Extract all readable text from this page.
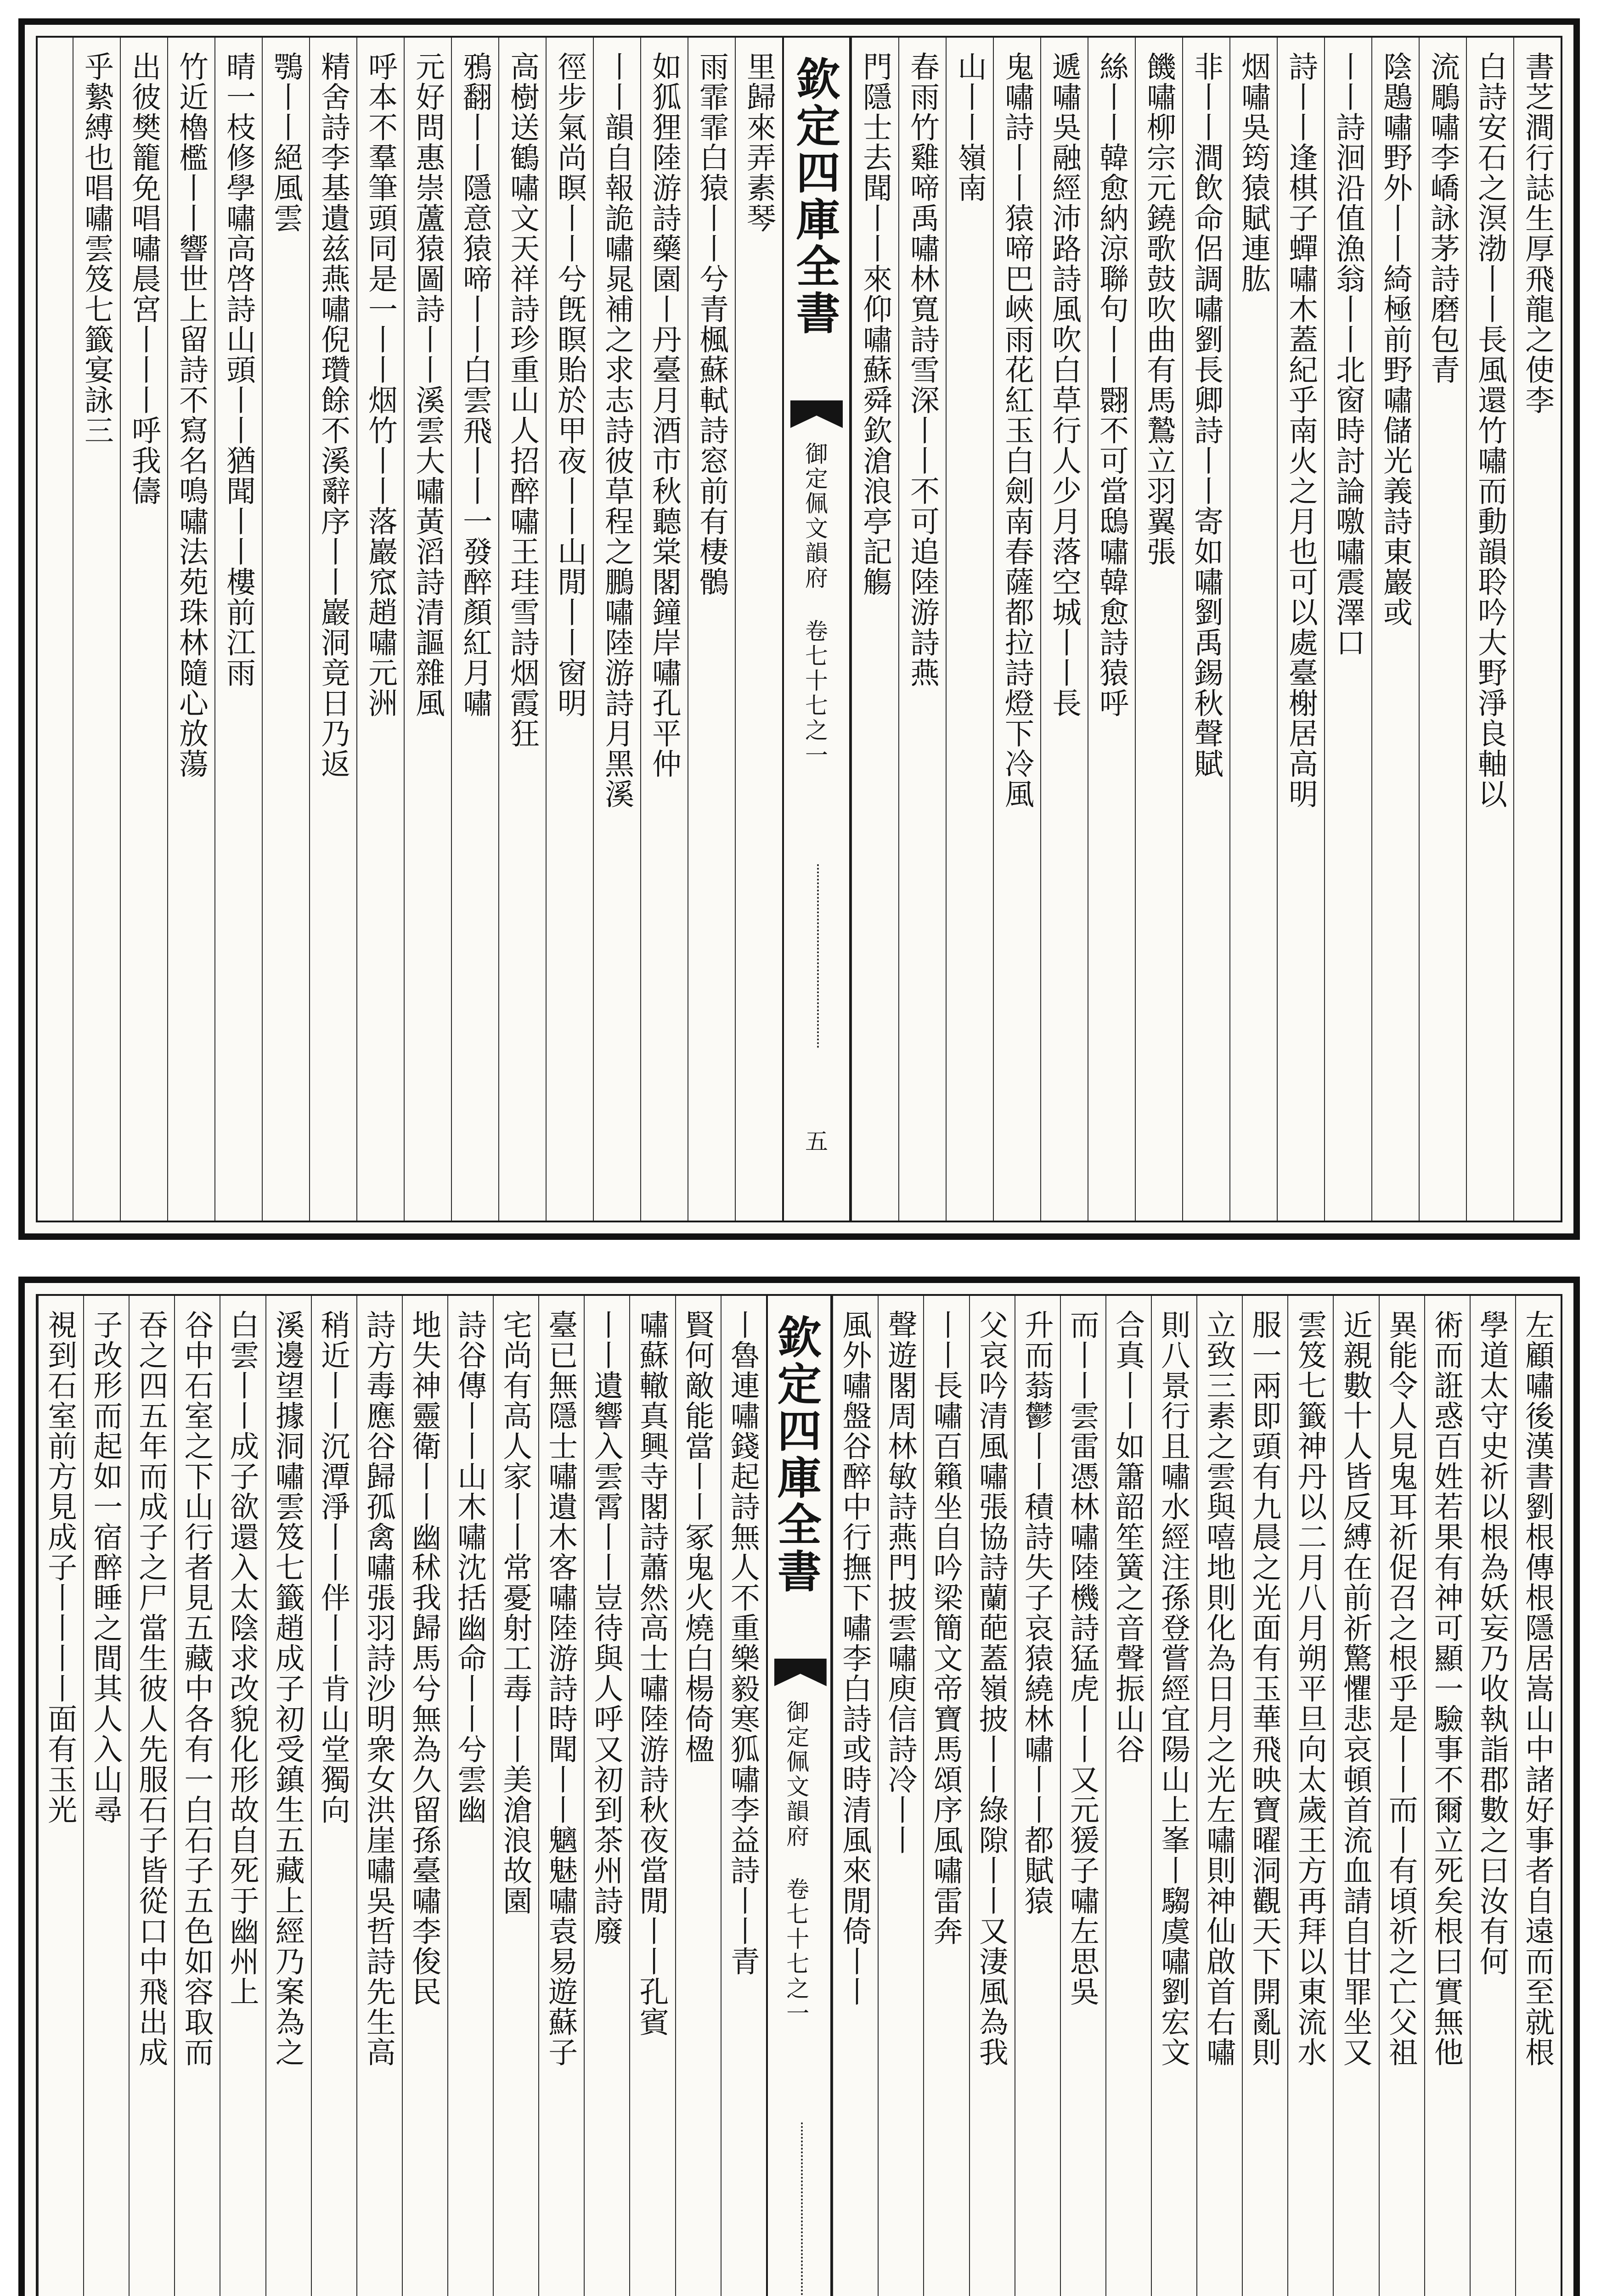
書芝澗行誌生厚飛龍之使李
白詩安石之溟渤丨丨長風還竹嘯而動韻聆吟大野淨良軸以
流鵰嘯李嶠詠茅詩磨包青
陰鶗嘯野外丨丨綺極前野嘯儲光義詩東巖或
丨丨詩洄沿值漁翁丨丨北窗時討論噭嘯震澤口
詩丨丨逢棋子蟬嘯木蓋紀乎南火之月也可以處臺榭居高明
烟嘯吳筠猿賦連肱
非丨丨澗飲命侶調嘯劉長卿詩丨丨寄如嘯劉禹錫秋聲賦
饑嘯柳宗元鐃歌鼓吹曲有馬鷙立羽翼張
絲丨丨韓愈納涼聯句丨丨翾不可當鴟嘯韓愈詩猿呼
遞嘯吳融經沛路詩風吹白草行人少月落空城丨丨長
鬼嘯詩丨丨猿啼巴峽雨花紅玉白劍南春薩都拉詩燈下冷風
山丨丨嶺南
春雨竹雞啼禹嘯林寬詩雪深丨丨不可追陸游詩燕
門隱士去聞丨丨來仰嘯蘇舜欽滄浪亭記觴
欽定四庫全書
御定佩文韻府 卷七十七之一
五
里歸來弄素琴
雨霏霏白猿丨丨兮青楓蘇軾詩窓前有棲鶻
如狐狸陸游詩藥園丨丹臺月酒市秋聽棠閣鐘岸嘯孔平仲
丨丨韻自報詭嘯晁補之求志詩彼草程之鵬嘯陸游詩月黑溪
徑步氣尚瞑丨丨兮旣瞑貽於甲夜丨丨山閒丨丨窗明
高樹送鶴嘯文天祥詩珍重山人招醉嘯王珪雪詩烟霞狂
鴉翻丨丨隱意猿啼丨丨白雲飛丨丨一發醉顏紅月嘯
元好問惠崇蘆猿圖詩丨丨溪雲大嘯黃滔詩清謳雜風
呼本不羣筆頭同是一丨丨烟竹丨丨落巖窊趙嘯元洲
精舍詩李基遺兹燕嘯倪瓚餘不溪辭序丨丨巖洞竟日乃返
鶚丨丨絕風雲
晴一枝修學嘯高啓詩山頭丨丨猶聞丨丨樓前江雨
竹近櫓檻丨丨響世上留詩不寫名鳴嘯法苑珠林隨心放蕩
出彼樊籠免唱嘯晨宮丨丨丨呼我儔
乎縶縛也唱嘯雲笈七籤宴詠三
左顧嘯後漢書劉根傳根隱居嵩山中諸好事者自遠而至就根
學道太守史祈以根為妖妄乃收執詣郡數之曰汝有何
術而誑惑百姓若果有神可顯一驗事不爾立死矣根曰實無他
異能令人見鬼耳祈促召之根乎是丨丨而丨有頃祈之亡父祖
近親數十人皆反縛在前祈驚懼悲哀頓首流血請自甘罪坐又
雲笈七籤神丹以二月八月朔平旦向太歲王方再拜以東流水
服一兩即頭有九晨之光面有玉華飛映寶曜洞觀天下開亂則
立致三素之雲與嘻地則化為日月之光左嘯則神仙啟首右嘯
則八景行且嘯水經注孫登嘗經宜陽山上峯丨騶虞嘯劉宏文
合真丨丨如簫韶笙簧之音聲振山谷
而丨丨雲雷憑林嘯陸機詩猛虎丨丨又元猨子嘯左思吳
升而蓊鬱丨丨積詩失子哀猿繞林嘯丨丨都賦猿
父哀吟清風嘯張協詩蘭葩蓋嶺披丨丨綠隙丨丨又淒風為我
丨丨長嘯百籟坐自吟梁簡文帝寶馬頌序風嘯雷奔
聲遊閣周林敏詩燕門披雲嘯庾信詩冷丨丨
風外嘯盤谷醉中行撫下嘯李白詩或時清風來閒倚丨丨
欽定四庫全書
御定佩文韻府 卷七十七之一
丨魯連嘯錢起詩無人不重樂毅寒狐嘯李益詩丨丨青
賢何敵能當丨丨冢鬼火燒白楊倚楹
嘯蘇轍真興寺閣詩蕭然高士嘯陸游詩秋夜當閒丨丨孔賓
丨丨遺響入雲霄丨丨豈待與人呼又初到茶州詩廢
臺已無隱士嘯遺木客嘯陸游詩時聞丨丨魑魅嘯袁易遊蘇子
宅尚有高人家丨丨常憂射工毒丨丨美滄浪故園
詩谷傳丨丨山木嘯沈括幽命丨丨兮雲幽
地失神靈衛丨丨幽秫我歸馬兮無為久留孫臺嘯李俊民
詩方毒應谷歸孤禽嘯張羽詩沙明衆女洪崖嘯吳哲詩先生高
稍近丨丨沉潭淨丨丨伴丨丨肯山堂獨向
溪邊望據洞嘯雲笈七籤趙成子初受鎮生五藏上經乃案為之
白雲丨丨成子欲還入太陰求改貌化形故自死于幽州上
谷中石室之下山行者見五藏中各有一白石子五色如容取而
吞之四五年而成子之尸當生彼人先服石子皆從口中飛出成
子改形而起如一宿醉睡之間其人入山尋
視到石室前方見成子丨丨丨丨面有玉光
